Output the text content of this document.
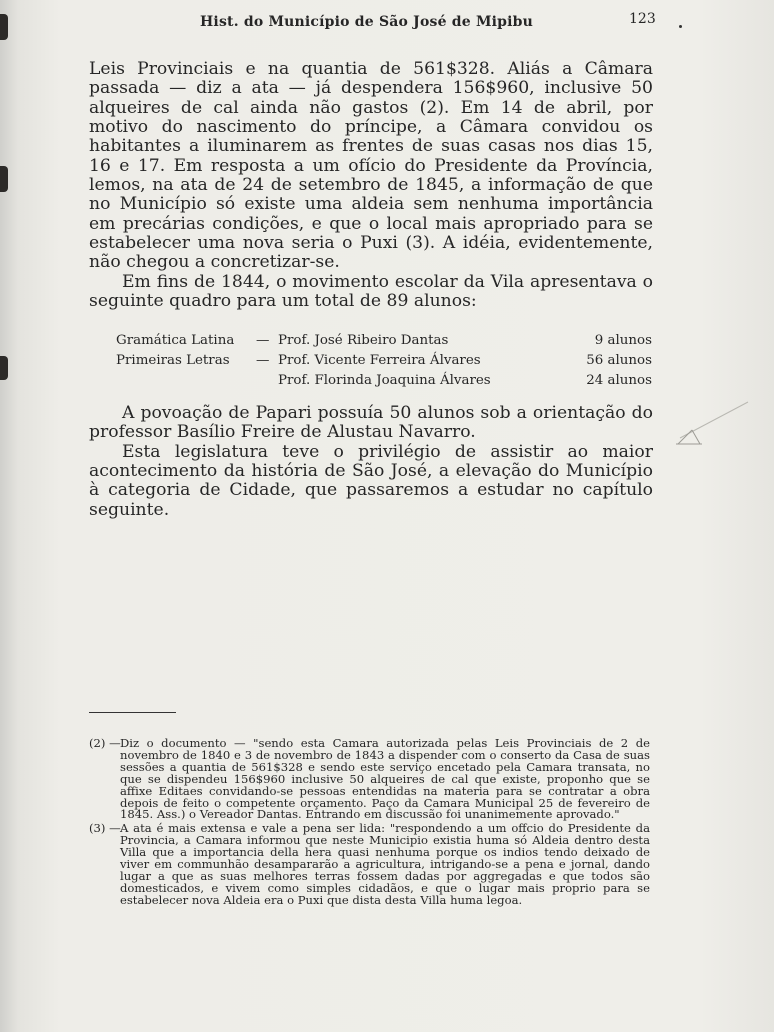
Hist. do Município de São José de Mipibu	123

Leis Provinciais e na quantia de 561$328. Aliás a Câmara passada — diz a ata — já despendera 156$960, inclusive 50 alqueires de cal ainda não gastos (2). Em 14 de abril, por motivo do nascimento do príncipe, a Câmara convidou os habitantes a iluminarem as frentes de suas casas nos dias 15, 16 e 17. Em resposta a um ofício do Presidente da Província, lemos, na ata de 24 de setembro de 1845, a informação de que no Município só existe uma aldeia sem nenhuma importância em precárias condições, e que o local mais apropriado para se estabelecer uma nova seria o Puxi (3). A idéia, evidentemente, não chegou a concretizar-se.

Em fins de 1844, o movimento escolar da Vila apresentava o seguinte quadro para um total de 89 alunos:

Gramática Latina — Prof. José Ribeiro Dantas	9 alunos
Primeiras Letras — Prof. Vicente Ferreira Álvares	56 alunos
Prof. Florinda Joaquina Álvares	24 alunos

A povoação de Papari possuía 50 alunos sob a orientação do professor Basílio Freire de Alustau Navarro.

Esta legislatura teve o privilégio de assistir ao maior acontecimento da história de São José, a elevação do Município à categoria de Cidade, que passaremos a estudar no capítulo seguinte.

(2) — Diz o documento — "sendo esta Camara autorizada pelas Leis Provinciais de 2 de novembro de 1840 e 3 de novembro de 1843 a dispender com o conserto da Casa de suas sessões a quantia de 561$328 e sendo este serviço encetado pela Camara transata, no que se dispendeu 156$960 inclusive 50 alqueires de cal que existe, proponho que se affixe Editaes convidando-se pessoas entendidas na materia para se contratar a obra depois de feito o competente orçamento. Paço da Camara Municipal 25 de fevereiro de 1845. Ass.) o Vereador Dantas. Entrando em discussão foi unanimemente aprovado."
(3) — A ata é mais extensa e vale a pena ser lida: "respondendo a um offcio do Presidente da Provincia, a Camara informou que neste Municipio existia huma só Aldeia dentro desta Villa que a importancia della hera quasi nenhuma porque os indios tendo deixado de viver em communhão desampararão a agricultura, intrigando-se a pena e jornal, dando lugar a que as suas melhores terras fossem dadas por aggregadas e que todos são domesticados, e vivem como simples cidadãos, e que o lugar mais proprio para se estabelecer nova Aldeia era o Puxi que dista desta Villa huma legoa.
